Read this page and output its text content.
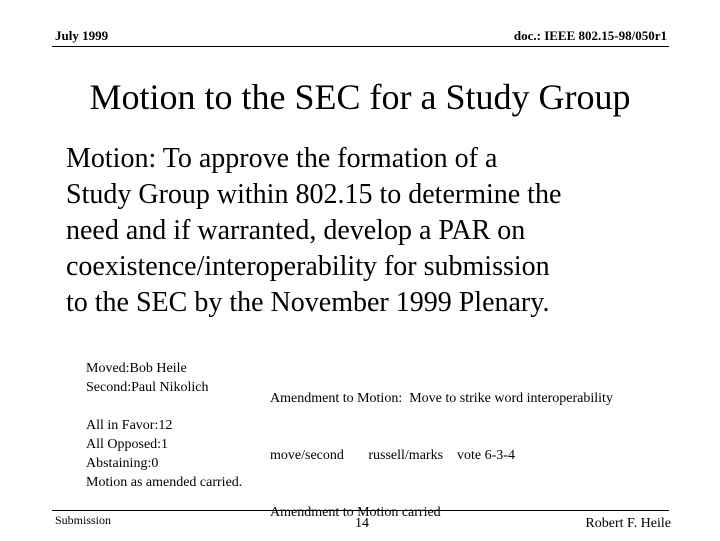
July 1999	doc.: IEEE 802.15-98/050r1
Motion to the SEC for a Study Group
Motion: To approve the formation of a
Study Group within 802.15 to determine the
need and if warranted, develop a PAR on
coexistence/interoperability for submission
to the SEC by the November 1999 Plenary.
Moved:Bob Heile
Second:Paul Nikolich

Amendment to Motion:  Move to strike word interoperability

move/second       russell/marks    vote 6-3-4

Amendment to Motion carried

All in Favor:12
All Opposed:1
Abstaining:0
Motion as amended carried.
Submission	14	Robert F. Heile
